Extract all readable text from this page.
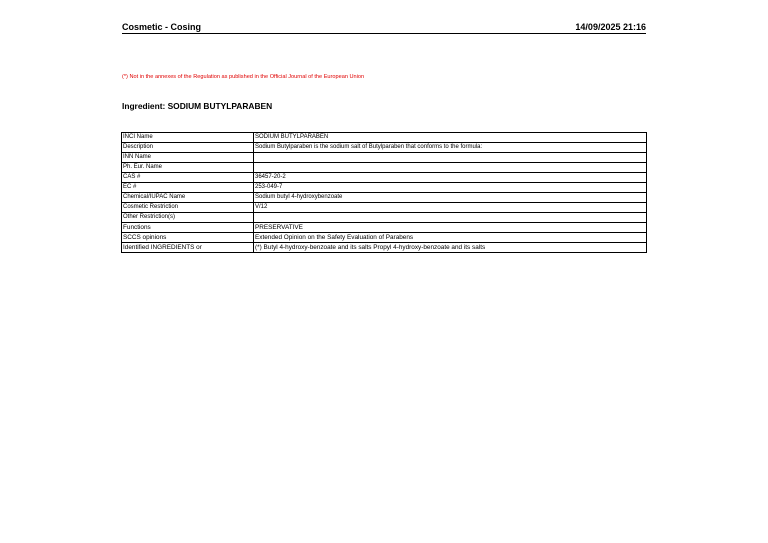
Cosmetic - Cosing	14/09/2025 21:16
(*) Not in the annexes of the Regulation as published in the Official Journal of the European Union
Ingredient: SODIUM BUTYLPARABEN
INCI Name	SODIUM BUTYLPARABEN
Description	Sodium Butylparaben is the sodium salt of Butylparaben that conforms to the formula:
INN Name	
Ph. Eur. Name	
CAS #	36457-20-2
EC #	253-049-7
Chemical/IUPAC Name	Sodium butyl 4-hydroxybenzoate
Cosmetic Restriction	V/12
Other Restriction(s)	
Functions	PRESERVATIVE
SCCS opinions	Extended Opinion on the Safety Evaluation of Parabens
Identified INGREDIENTS or	(*) Butyl 4-hydroxy-benzoate and its salts Propyl 4-hydroxy-benzoate and its salts
